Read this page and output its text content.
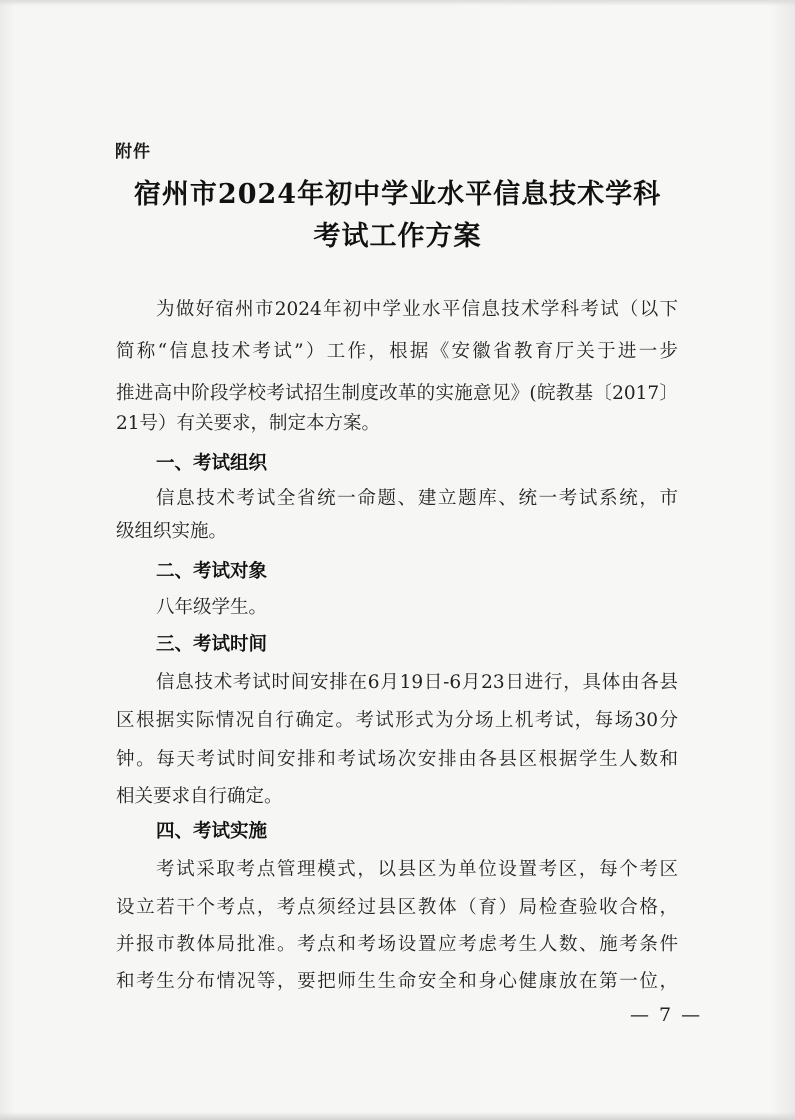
附件
宿州市2024年初中学业水平信息技术学科
考试工作方案
为做好宿州市2024年初中学业水平信息技术学科考试（以下
简称“信息技术考试”）工作，根据《安徽省教育厅关于进一步
推进高中阶段学校考试招生制度改革的实施意见》(皖教基〔2017〕
21号）有关要求，制定本方案。
一、考试组织
信息技术考试全省统一命题、建立题库、统一考试系统，市
级组织实施。
二、考试对象
八年级学生。
三、考试时间
信息技术考试时间安排在6月19日-6月23日进行，具体由各县
区根据实际情况自行确定。考试形式为分场上机考试，每场30分
钟。每天考试时间安排和考试场次安排由各县区根据学生人数和
相关要求自行确定。
四、考试实施
考试采取考点管理模式，以县区为单位设置考区，每个考区
设立若干个考点，考点须经过县区教体（育）局检查验收合格，
并报市教体局批准。考点和考场设置应考虑考生人数、施考条件
和考生分布情况等，要把师生生命安全和身心健康放在第一位，
— 7 —
